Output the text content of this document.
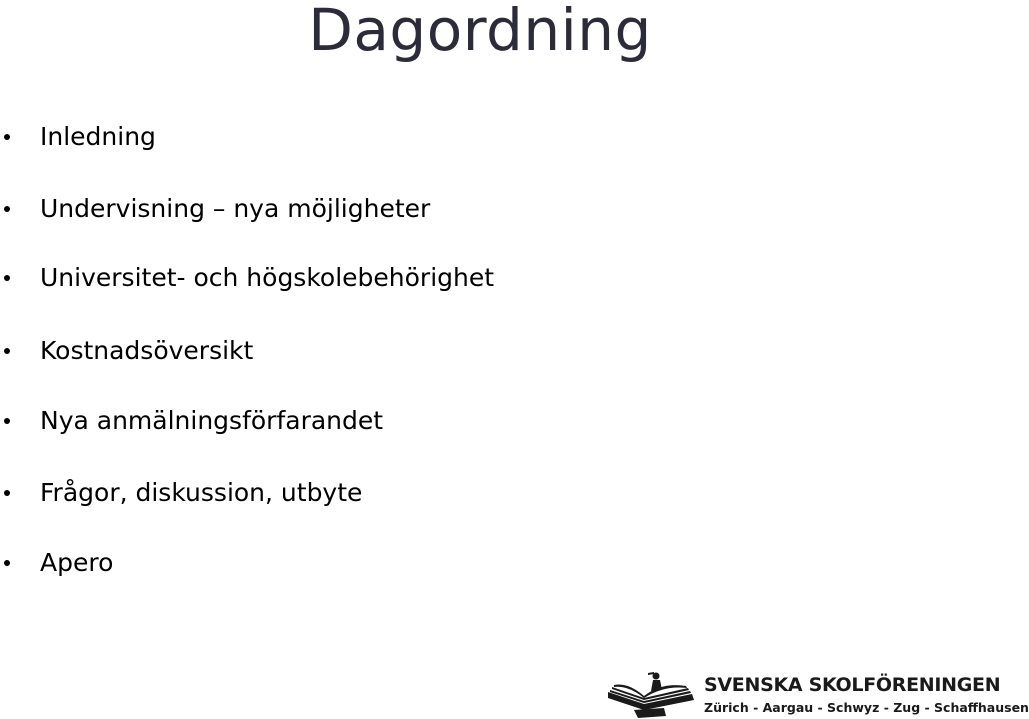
Dagordning
Inledning
Undervisning – nya möjligheter
Universitet- och högskolebehörighet
Kostnadsöversikt
Nya anmälningsförfarandet
Frågor, diskussion, utbyte
Apero
SVENSKA SKOLFÖRENINGEN
Zürich - Aargau - Schwyz - Zug - Schaffhausen
